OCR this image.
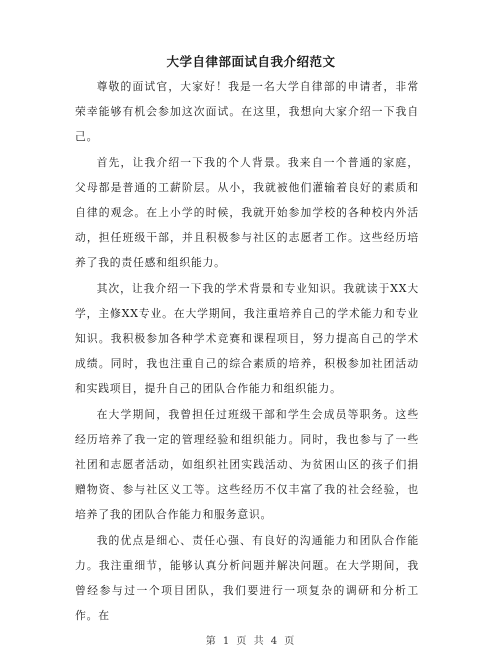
大学自律部面试自我介绍范文

尊敬的面试官，大家好！我是一名大学自律部的申请者，非常荣幸能够有机会参加这次面试。在这里，我想向大家介绍一下我自己。

首先，让我介绍一下我的个人背景。我来自一个普通的家庭，父母都是普通的工薪阶层。从小，我就被他们灌输着良好的素质和自律的观念。在上小学的时候，我就开始参加学校的各种校内外活动，担任班级干部，并且积极参与社区的志愿者工作。这些经历培养了我的责任感和组织能力。

其次，让我介绍一下我的学术背景和专业知识。我就读于XX大学，主修XX专业。在大学期间，我注重培养自己的学术能力和专业知识。我积极参加各种学术竞赛和课程项目，努力提高自己的学术成绩。同时，我也注重自己的综合素质的培养，积极参加社团活动和实践项目，提升自己的团队合作能力和组织能力。

在大学期间，我曾担任过班级干部和学生会成员等职务。这些经历培养了我一定的管理经验和组织能力。同时，我也参与了一些社团和志愿者活动，如组织社团实践活动、为贫困山区的孩子们捐赠物资、参与社区义工等。这些经历不仅丰富了我的社会经验，也培养了我的团队合作能力和服务意识。

我的优点是细心、责任心强、有良好的沟通能力和团队合作能力。我注重细节，能够认真分析问题并解决问题。在大学期间，我曾经参与过一个项目团队，我们要进行一项复杂的调研和分析工作。在

第 1 页 共 4 页
